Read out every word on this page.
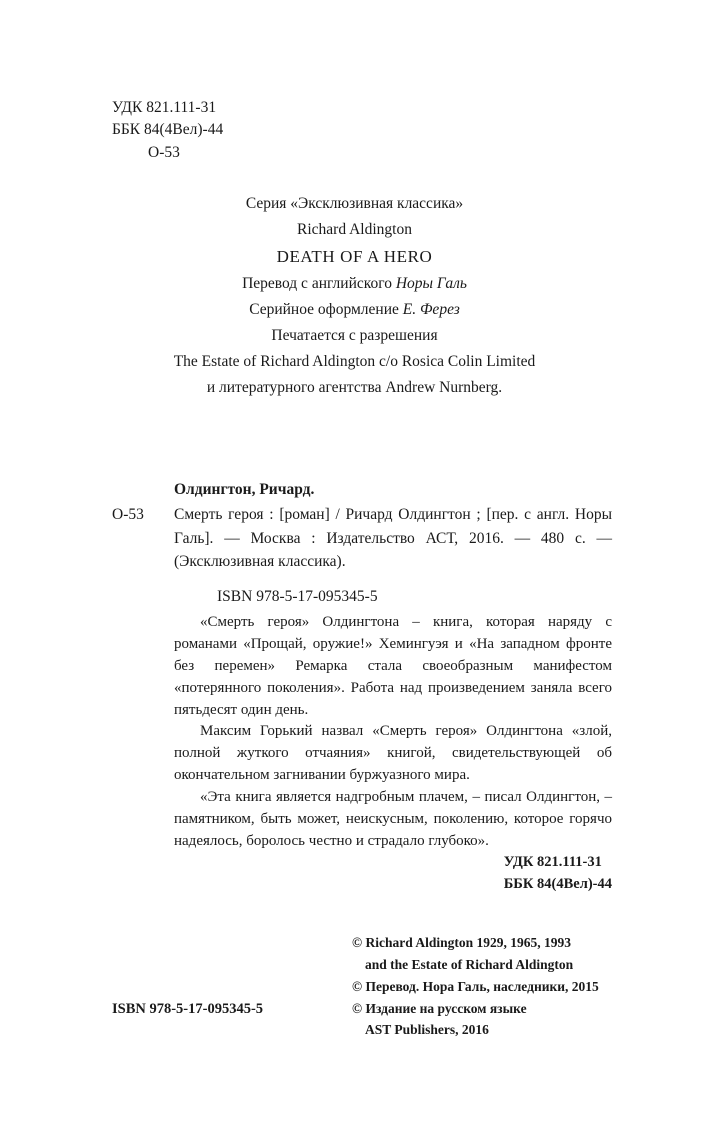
УДК 821.111-31
ББК 84(4Вел)-44
О-53
Серия «Эксклюзивная классика»
Richard Aldington
DEATH OF A HERO
Перевод с английского Норы Галь
Серийное оформление Е. Ферез
Печатается с разрешения
The Estate of Richard Aldington c/o Rosica Colin Limited
и литературного агентства Andrew Nurnberg.
Олдингтон, Ричард.
О-53 Смерть героя : [роман] / Ричард Олдингтон ; [пер. с англ. Норы Галь]. — Москва : Издательство АСТ, 2016. — 480 с. — (Эксклюзивная классика).
ISBN 978-5-17-095345-5

«Смерть героя» Олдингтона – книга, которая наряду с романами «Прощай, оружие!» Хемингуэя и «На западном фронте без перемен» Ремарка стала своеобразным манифестом «потерянного поколения». Работа над произведением заняла всего пятьдесят один день.

Максим Горький назвал «Смерть героя» Олдингтона «злой, полной жуткого отчаяния» книгой, свидетельствующей об окончательном загнивании буржуазного мира.

«Эта книга является надгробным плачем, – писал Олдингтон, – памятником, быть может, неискусным, поколению, которое горячо надеялось, боролось честно и страдало глубоко».

УДК 821.111-31
ББК 84(4Вел)-44
© Richard Aldington 1929, 1965, 1993
and the Estate of Richard Aldington
© Перевод. Нора Галь, наследники, 2015
© Издание на русском языке
AST Publishers, 2016
ISBN 978-5-17-095345-5
